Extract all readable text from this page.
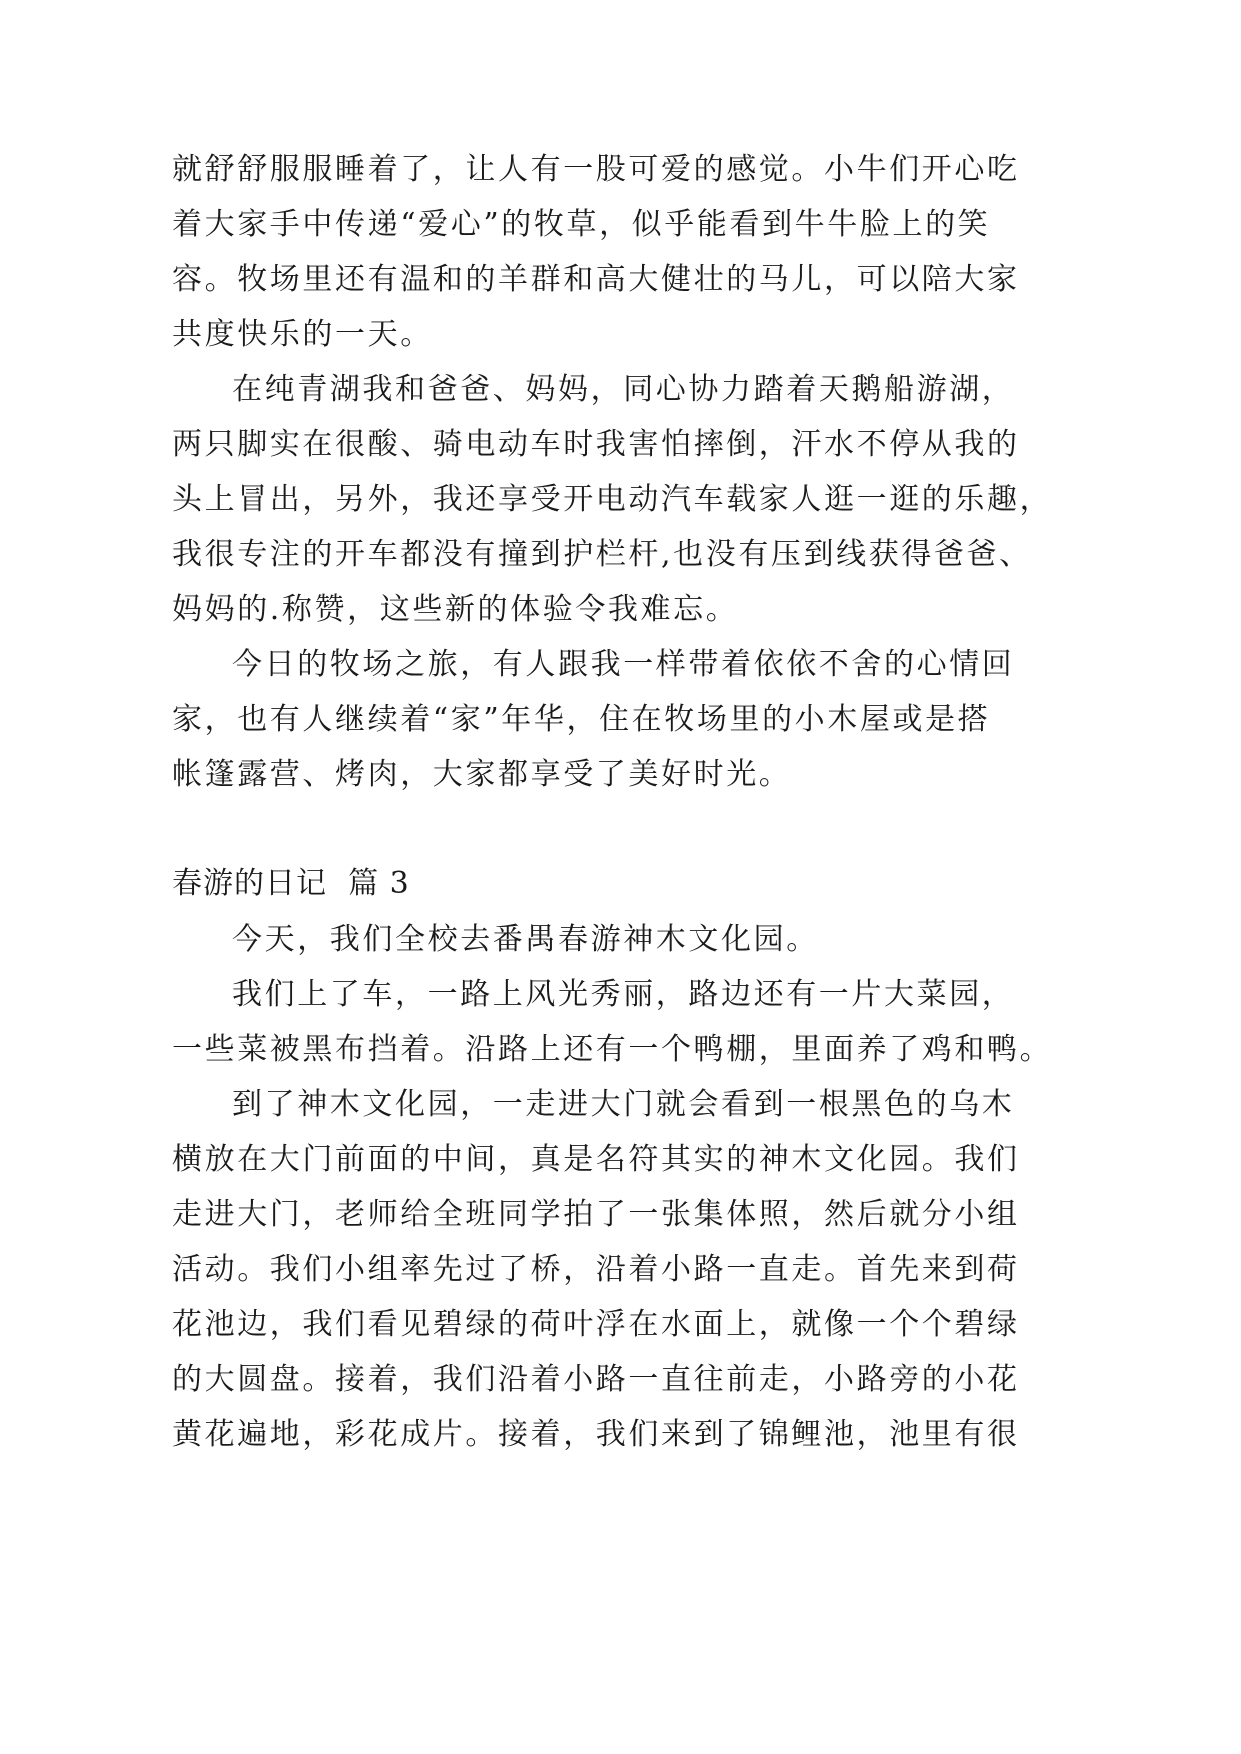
就舒舒服服睡着了，让人有一股可爱的感觉。小牛们开心吃
着大家手中传递“爱心”的牧草，似乎能看到牛牛脸上的笑
容。牧场里还有温和的羊群和高大健壮的马儿，可以陪大家
共度快乐的一天。
在纯青湖我和爸爸、妈妈，同心协力踏着天鹅船游湖，
两只脚实在很酸、骑电动车时我害怕摔倒，汗水不停从我的
头上冒出，另外，我还享受开电动汽车载家人逛一逛的乐趣，
我很专注的开车都没有撞到护栏杆,也没有压到线获得爸爸、
妈妈的.称赞，这些新的体验令我难忘。
今日的牧场之旅，有人跟我一样带着依依不舍的心情回
家，也有人继续着“家”年华，住在牧场里的小木屋或是搭
帐篷露营、烤肉，大家都享受了美好时光。
春游的日记  篇 3
今天，我们全校去番禺春游神木文化园。
我们上了车，一路上风光秀丽，路边还有一片大菜园，
一些菜被黑布挡着。沿路上还有一个鸭棚，里面养了鸡和鸭。
到了神木文化园，一走进大门就会看到一根黑色的乌木
横放在大门前面的中间，真是名符其实的神木文化园。我们
走进大门，老师给全班同学拍了一张集体照，然后就分小组
活动。我们小组率先过了桥，沿着小路一直走。首先来到荷
花池边，我们看见碧绿的荷叶浮在水面上，就像一个个碧绿
的大圆盘。接着，我们沿着小路一直往前走，小路旁的小花
黄花遍地，彩花成片。接着，我们来到了锦鲤池，池里有很
